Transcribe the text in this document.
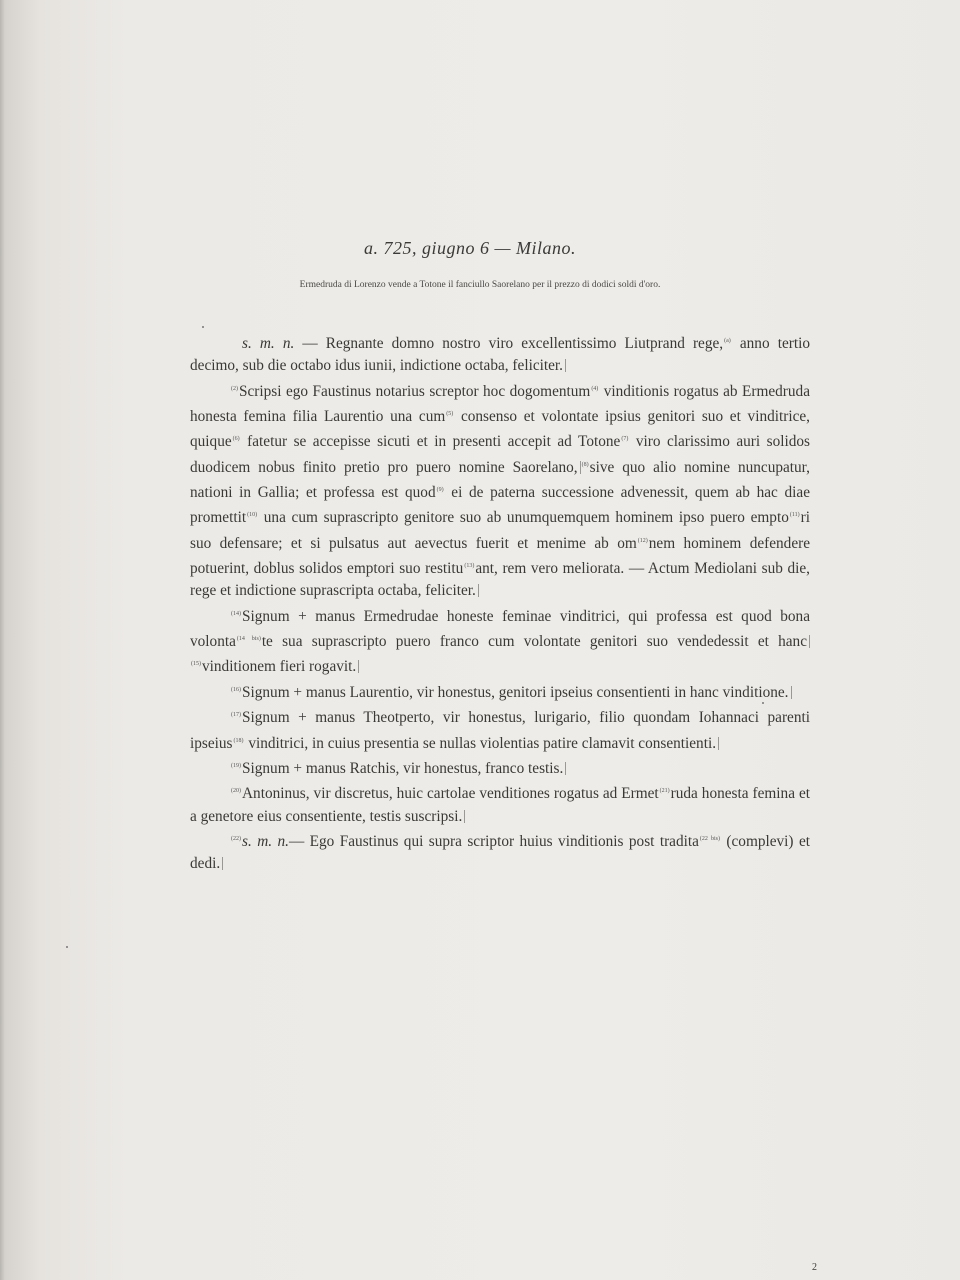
a. 725, giugno 6 — Milano.
Ermedruda di Lorenzo vende a Totone il fanciullo Saorelano per il prezzo di dodici soldi d'oro.

s. m. n. — Regnante domno nostro viro excellentissimo Liutprand rege,$^{(a)}$ anno tertio decimo, sub die octabo idus iunii, indictione octaba, feliciter.

$^{(2)}$Scripsi ego Faustinus notarius screptor hoc dogomentum$^{(4)}$ vinditionis rogatus ab Ermedruda honesta femina filia Laurentio una cum$^{(5)}$ consenso et volontate ipsius genitori suo et vinditrice, quique$^{(6)}$ fatetur se accepisse sicuti et in presenti accepit ad Totone$^{(7)}$ viro clarissimo auri solidos duodicem nobus finito pretio pro puero nomine Saorelano, $^{(8)}$sive quo alio nomine nuncupatur, nationi in Gallia; et professa est quod$^{(9)}$ ei de paterna successione advenessit, quem ab hac diae promettit$^{(10)}$ una cum suprascripto genitore suo ab unumquemquem hominem ipso puero empto$^{(11)}$ri suo defensare; et si pulsatus aut aevectus fuerit et menime ab $om^{(12)}nem$ hominem defendere potuerint, doblus solidos emptori suo restitu$^{(13)}$ant, rem vero meliorata. — Actum Mediolani sub die, rege et indictione suprascripta octaba, feliciter.

$^{(14)}$Signum + manus Ermedrudae honeste feminae vinditrici, qui professa est quod bona volonta$^{(14 bis)}$te sua suprascripto puero franco cum volontate genitori suo vendedessit et hanc$^{(15)}$vinditionem fieri rogavit.

$^{(16)}$Signum + manus Laurentio, vir honestus, genitori ipseius consentienti in hanc vinditione.

$^{(17)}$Signum + manus Theotperto, vir honestus, lurigario, filio quondam Iohannaci parenti ipseius$^{(18)}$ vinditrici, in cuius presentia se nullas violentias patire clamavit consentienti.

$^{(19)}$Signum + manus Ratchis, vir honestus, franco testis.

$^{(20)}$Antoninus, vir discretus, huic cartolae venditiones rogatus ad Ermet$^{(21)}$ruda honesta femina et a genetore eius consentiente, testis suscripsi.

$^{(22)}$s. m. n.— Ego Faustinus qui supra scriptor huius vinditionis post tradita$^{(22 bis)}$ (complevi) et dedi.

2
